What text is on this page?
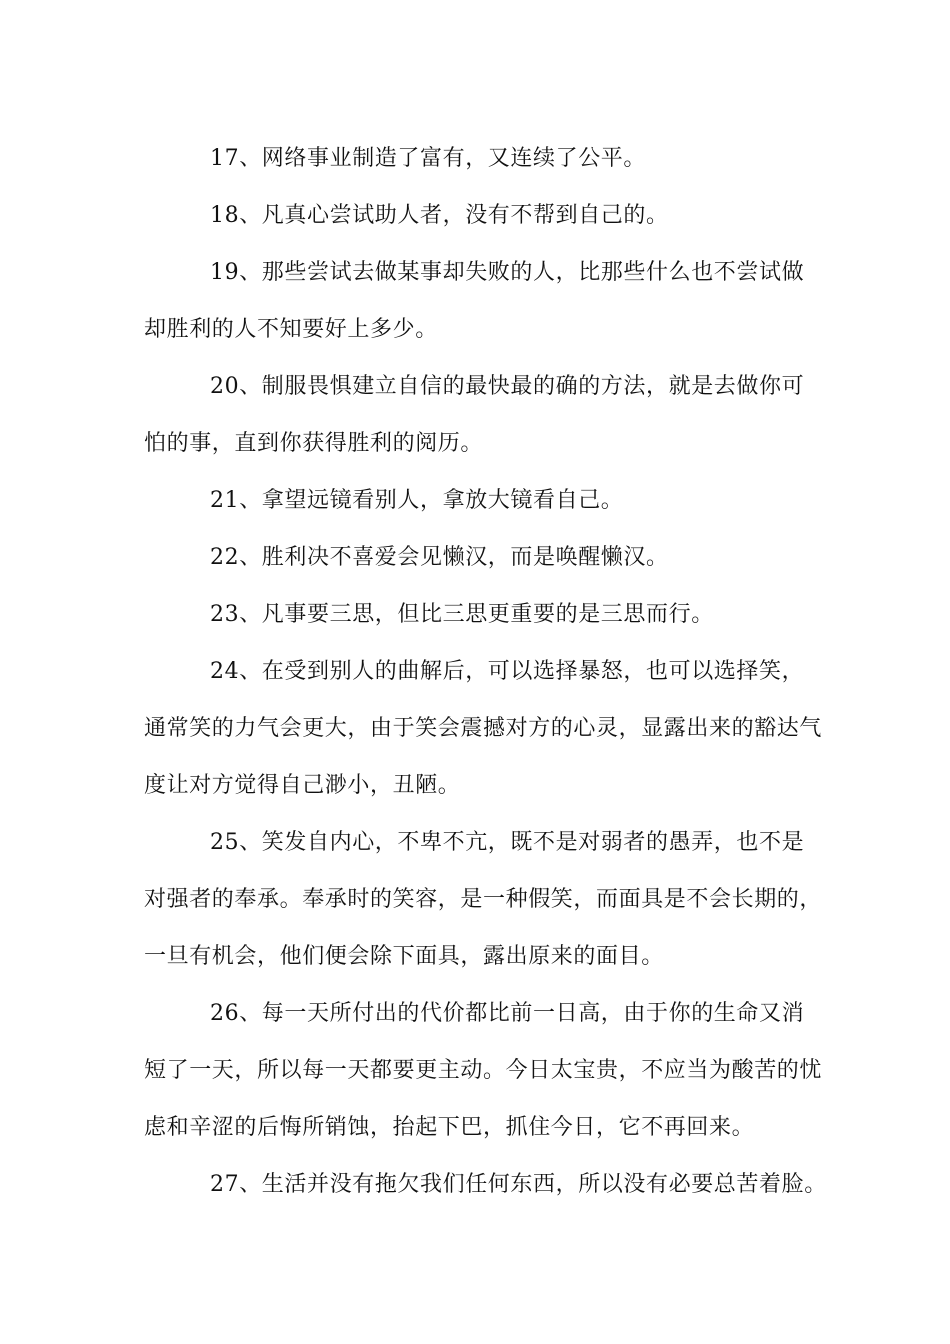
17、网络事业制造了富有，又连续了公平。

18、凡真心尝试助人者，没有不帮到自己的。

19、那些尝试去做某事却失败的人，比那些什么也不尝试做却胜利的人不知要好上多少。

20、制服畏惧建立自信的最快最的确的方法，就是去做你可怕的事，直到你获得胜利的阅历。

21、拿望远镜看别人，拿放大镜看自己。

22、胜利决不喜爱会见懒汉，而是唤醒懒汉。

23、凡事要三思，但比三思更重要的是三思而行。

24、在受到别人的曲解后，可以选择暴怒，也可以选择笑，通常笑的力气会更大，由于笑会震撼对方的心灵，显露出来的豁达气度让对方觉得自己渺小，丑陋。

25、笑发自内心，不卑不亢，既不是对弱者的愚弄，也不是对强者的奉承。奉承时的笑容，是一种假笑，而面具是不会长期的，一旦有机会，他们便会除下面具，露出原来的面目。

26、每一天所付出的代价都比前一日高，由于你的生命又消短了一天，所以每一天都要更主动。今日太宝贵，不应当为酸苦的忧虑和辛涩的后悔所销蚀，抬起下巴，抓住今日，它不再回来。

27、生活并没有拖欠我们任何东西，所以没有必要总苦着脸。
